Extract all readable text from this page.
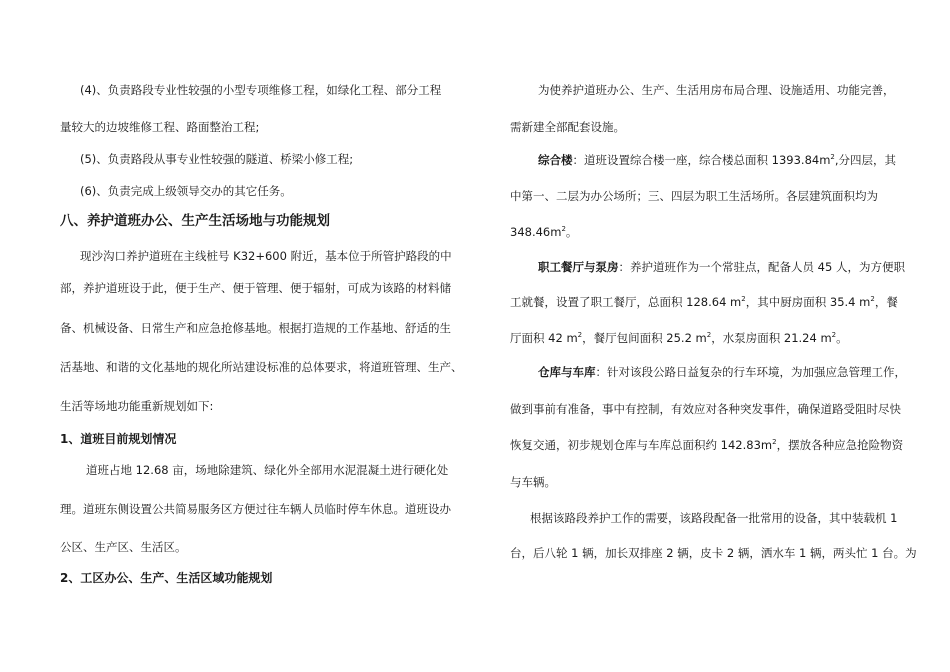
(4)、负责路段专业性较强的小型专项维修工程，如绿化工程、部分工程
量较大的边坡维修工程、路面整治工程;
(5)、负责路段从事专业性较强的隧道、桥梁小修工程;
(6)、负责完成上级领导交办的其它任务。
八、养护道班办公、生产生活场地与功能规划
现沙沟口养护道班在主线桩号 K32+600 附近，基本位于所管护路段的中
部，养护道班设于此，便于生产、便于管理、便于辐射，可成为该路的材料储
备、机械设备、日常生产和应急抢修基地。根据打造规的工作基地、舒适的生
活基地、和谐的文化基地的规化所站建设标准的总体要求，将道班管理、生产、
生活等场地功能重新规划如下:
1、道班目前规划情况
道班占地 12.68 亩，场地除建筑、绿化外全部用水泥混凝土进行硬化处
理。道班东侧设置公共简易服务区方便过往车辆人员临时停车休息。道班设办
公区、生产区、生活区。
2、工区办公、生产、生活区域功能规划
为使养护道班办公、生产、生活用房布局合理、设施适用、功能完善，
需新建全部配套设施。
综合楼：道班设置综合楼一座，综合楼总面积 $1393.84m^2$,分四层，其
中第一、二层为办公场所；三、四层为职工生活场所。各层建筑面积均为
$348.46m^2$。
职工餐厅与泵房：养护道班作为一个常驻点，配备人员 45 人，为方便职
工就餐，设置了职工餐厅，总面积 128.64 $m^2$，其中厨房面积 35.4 $m^2$，餐
厅面积 42 $m^2$，餐厅包间面积 25.2 $m^2$，水泵房面积 21.24 $m^2$。
仓库与车库：针对该段公路日益复杂的行车环境，为加强应急管理工作，
做到事前有准备，事中有控制，有效应对各种突发事件，确保道路受阻时尽快
恢复交通，初步规划仓库与车库总面积约 $142.83m^2$，摆放各种应急抢险物资
与车辆。
根据该路段养护工作的需要，该路段配备一批常用的设备，其中装载机 1
台，后八轮 1 辆，加长双排座 2 辆，皮卡 2 辆，洒水车 1 辆，两头忙 1 台。为
